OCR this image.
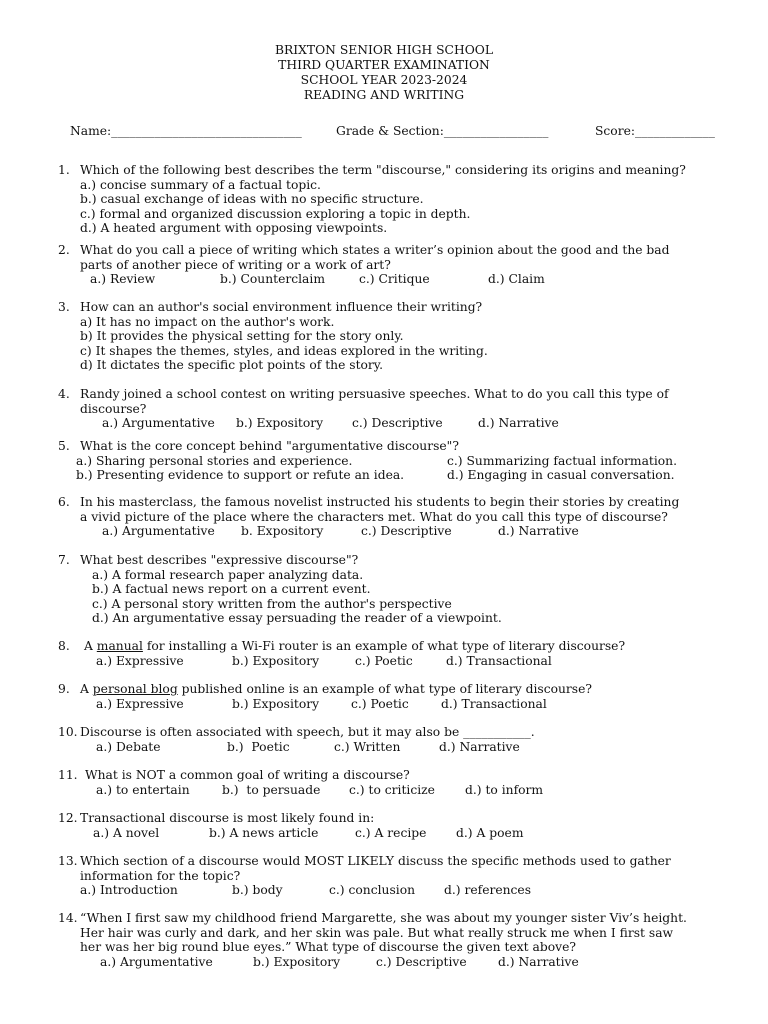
BRIXTON SENIOR HIGH SCHOOL
THIRD QUARTER EXAMINATION
SCHOOL YEAR 2023-2024
READING AND WRITING
Name:_______________________________	Grade & Section:_________________	Score:_____________
1. Which of the following best describes the term "discourse," considering its origins and meaning?
a.) concise summary of a factual topic.
b.) casual exchange of ideas with no specific structure.
c.) formal and organized discussion exploring a topic in depth.
d.) A heated argument with opposing viewpoints.
2. What do you call a piece of writing which states a writer’s opinion about the good and the bad
parts of another piece of writing or a work of art?
a.) Review	b.) Counterclaim	c.) Critique	d.) Claim
3. How can an author's social environment influence their writing?
a) It has no impact on the author's work.
b) It provides the physical setting for the story only.
c) It shapes the themes, styles, and ideas explored in the writing.
d) It dictates the specific plot points of the story.
4. Randy joined a school contest on writing persuasive speeches. What to do you call this type of
discourse?
a.) Argumentative b.) Expository c.) Descriptive	d.) Narrative
5. What is the core concept behind "argumentative discourse"?
a.) Sharing personal stories and experience.	c.) Summarizing factual information.
b.) Presenting evidence to support or refute an idea.	d.) Engaging in casual conversation.
6. In his masterclass, the famous novelist instructed his students to begin their stories by creating
a vivid picture of the place where the characters met. What do you call this type of discourse?
a.) Argumentative b. Expository	c.) Descriptive	d.) Narrative
7. What best describes "expressive discourse"?
a.) A formal research paper analyzing data.
b.) A factual news report on a current event.
c.) A personal story written from the author's perspective
d.) An argumentative essay persuading the reader of a viewpoint.
8. A manual for installing a Wi-Fi router is an example of what type of literary discourse?
a.) Expressive	b.) Expository	c.) Poetic	d.) Transactional
9. A personal blog published online is an example of what type of literary discourse?
a.) Expressive	b.) Expository	c.) Poetic	d.) Transactional
10. Discourse is often associated with speech, but it may also be ___________.
a.) Debate	b.)  Poetic	c.) Written	d.) Narrative
11. What is NOT a common goal of writing a discourse?
a.) to entertain	b.)  to persuade c.) to criticize d.) to inform
12. Transactional discourse is most likely found in:
a.) A novel	b.) A news article	c.) A recipe d.) A poem
13. Which section of a discourse would MOST LIKELY discuss the specific methods used to gather
information for the topic?
a.) Introduction	b.) body	c.) conclusion d.) references
14. “When I first saw my childhood friend Margarette, she was about my younger sister Viv’s height.
Her hair was curly and dark, and her skin was pale. But what really struck me when I first saw
her was her big round blue eyes.” What type of discourse the given text above?
a.) Argumentative	b.) Expository	c.) Descriptive	d.) Narrative
